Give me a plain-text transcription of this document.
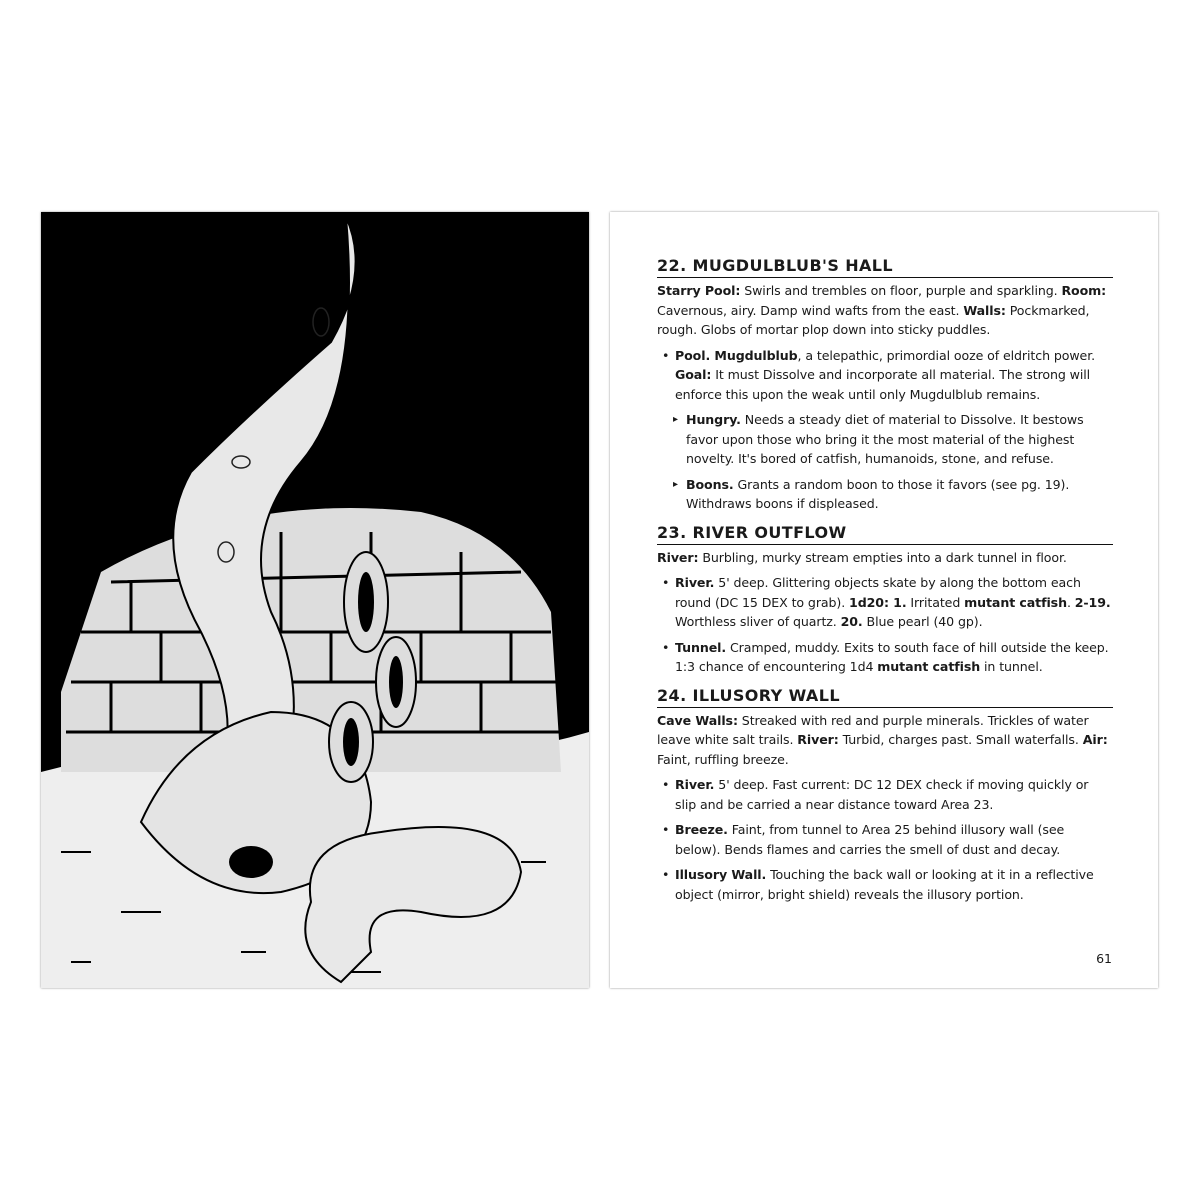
22. MUGDULBLUB'S HALL
Starry Pool: Swirls and trembles on floor, purple and sparkling. Room: Cavernous, airy. Damp wind wafts from the east. Walls: Pockmarked, rough. Globs of mortar plop down into sticky puddles.
• Pool. Mugdulblub, a telepathic, primordial ooze of eldritch power. Goal: It must Dissolve and incorporate all material. The strong will enforce this upon the weak until only Mugdulblub remains.
▸ Hungry. Needs a steady diet of material to Dissolve. It bestows favor upon those who bring it the most material of the highest novelty. It's bored of catfish, humanoids, stone, and refuse.
▸ Boons. Grants a random boon to those it favors (see pg. 19). Withdraws boons if displeased.
23. RIVER OUTFLOW
River: Burbling, murky stream empties into a dark tunnel in floor.
• River. 5' deep. Glittering objects skate by along the bottom each round (DC 15 DEX to grab). 1d20: 1. Irritated mutant catfish. 2-19. Worthless sliver of quartz. 20. Blue pearl (40 gp).
• Tunnel. Cramped, muddy. Exits to south face of hill outside the keep. 1:3 chance of encountering 1d4 mutant catfish in tunnel.
24. ILLUSORY WALL
Cave Walls: Streaked with red and purple minerals. Trickles of water leave white salt trails. River: Turbid, charges past. Small waterfalls. Air: Faint, ruffling breeze.
• River. 5' deep. Fast current: DC 12 DEX check if moving quickly or slip and be carried a near distance toward Area 23.
• Breeze. Faint, from tunnel to Area 25 behind illusory wall (see below). Bends flames and carries the smell of dust and decay.
• Illusory Wall. Touching the back wall or looking at it in a reflective object (mirror, bright shield) reveals the illusory portion.
61
